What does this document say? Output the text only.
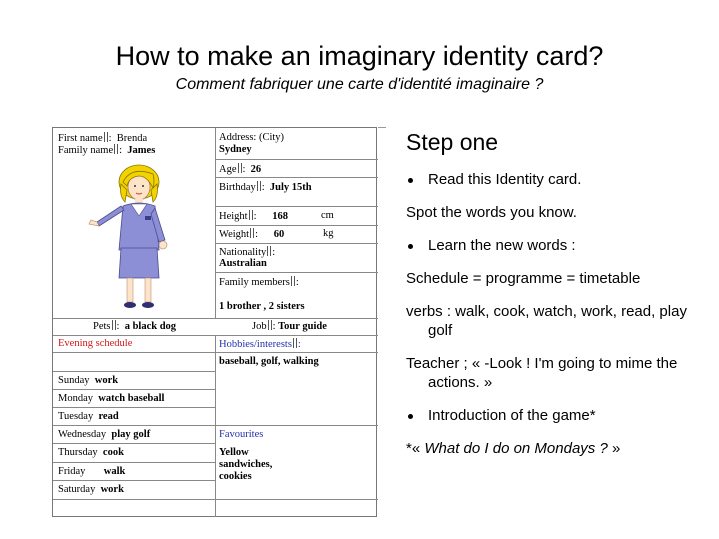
How to make an imaginary identity card?
Comment fabriquer une carte d'identité imaginaire ?
First name :  Brenda
Family name :  James
Address: (City)
Sydney
Age :  26
Birthday :  July 15th
Height :      168	cm
Weight :      60	kg
Nationality :
Australian
Family members :
1 brother , 2 sisters
Pets :  a black dog	Job : Tour guide
Evening schedule	Hobbies/interests :
baseball, golf, walking
Sunday work
Monday watch baseball
Tuesday read
Wednesday play golf
Thursday cook
Friday walk
Saturday work
Favourites
Yellow
sandwiches,
cookies
Step one
Read this Identity card.
Spot the words you know.
Learn the new words :
Schedule = programme = timetable
verbs : walk, cook, watch, work, read, play golf
Teacher ; « -Look ! I'm going to mime the actions. »
Introduction of the game*
*« What do I do on Mondays ? »
